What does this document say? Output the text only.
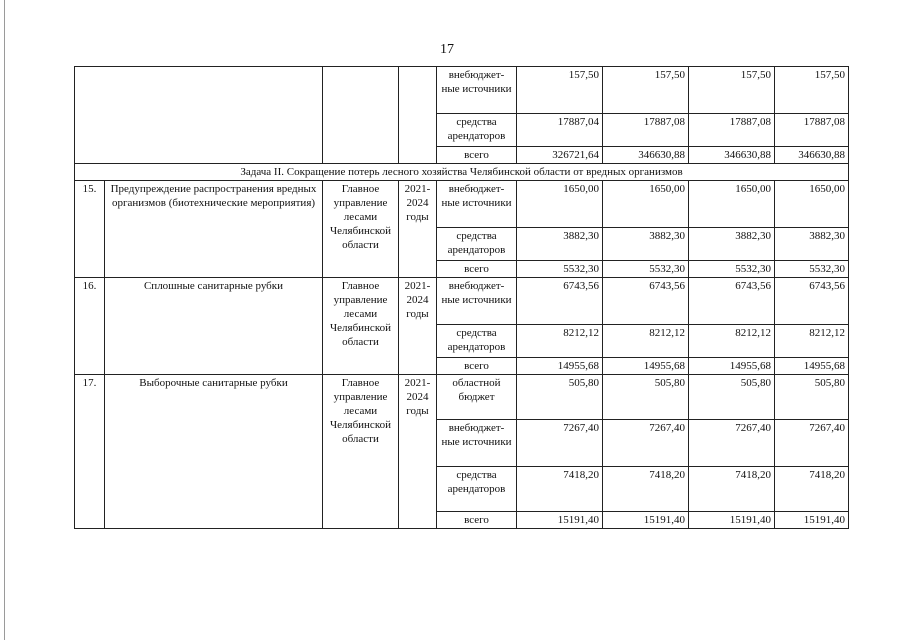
17
				внебюджет-ные источники	157,50	157,50	157,50	157,50
				средства арендаторов	17887,04	17887,08	17887,08	17887,08
				всего	326721,64	346630,88	346630,88	346630,88
Задача II. Сокращение потерь лесного хозяйства Челябинской области от вредных организмов								
15.	Предупреждение распространения вредных организмов (биотехнические мероприятия)	Главное управление лесами Челябинской области	2021-2024 годы	внебюджет-ные источники	1650,00	1650,00	1650,00	1650,00
				средства арендаторов	3882,30	3882,30	3882,30	3882,30
				всего	5532,30	5532,30	5532,30	5532,30
16.	Сплошные санитарные рубки	Главное управление лесами Челябинской области	2021-2024 годы	внебюджет-ные источники	6743,56	6743,56	6743,56	6743,56
				средства арендаторов	8212,12	8212,12	8212,12	8212,12
				всего	14955,68	14955,68	14955,68	14955,68
17.	Выборочные санитарные рубки	Главное управление лесами Челябинской области	2021-2024 годы	областной бюджет	505,80	505,80	505,80	505,80
				внебюджет-ные источники	7267,40	7267,40	7267,40	7267,40
				средства арендаторов	7418,20	7418,20	7418,20	7418,20
				всего	15191,40	15191,40	15191,40	15191,40
